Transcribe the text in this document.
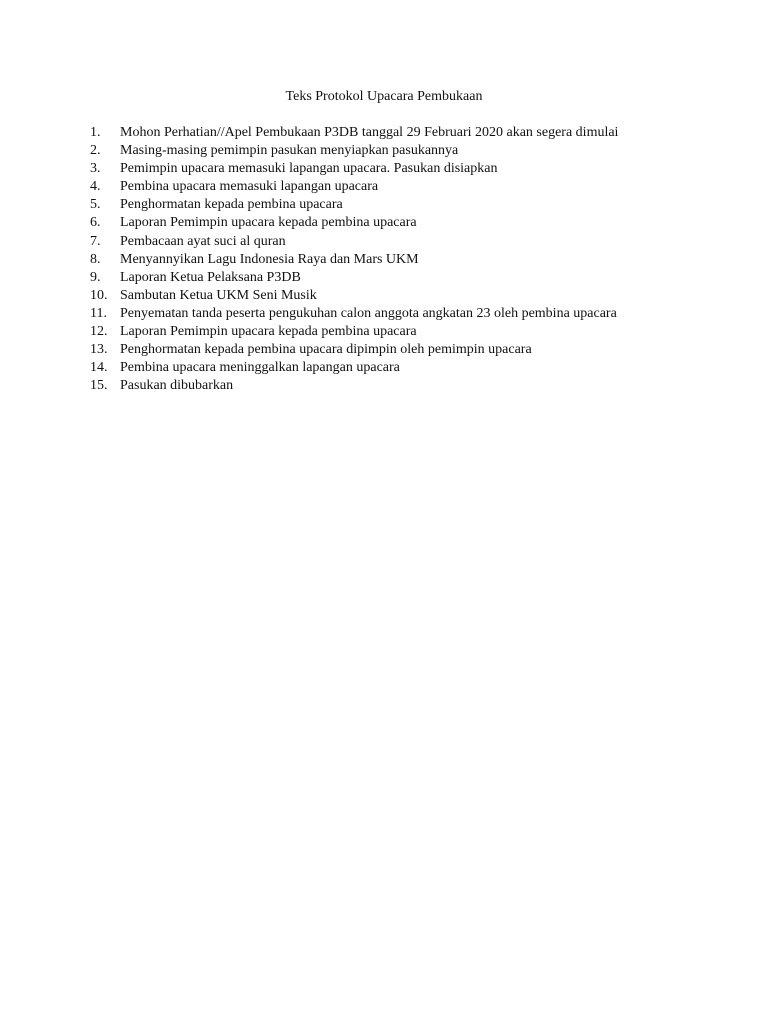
Teks Protokol Upacara Pembukaan
1.	Mohon Perhatian//Apel Pembukaan P3DB tanggal 29 Februari 2020 akan segera dimulai
2.	Masing-masing pemimpin pasukan menyiapkan pasukannya
3.	Pemimpin upacara memasuki lapangan upacara. Pasukan disiapkan
4.	Pembina upacara memasuki lapangan upacara
5.	Penghormatan kepada pembina upacara
6.	Laporan Pemimpin upacara kepada pembina upacara
7.	Pembacaan ayat suci al quran
8.	Menyannyikan Lagu Indonesia Raya dan Mars UKM
9.	Laporan Ketua Pelaksana P3DB
10. Sambutan Ketua UKM Seni Musik
11. Penyematan tanda peserta pengukuhan calon anggota angkatan 23 oleh pembina upacara
12. Laporan Pemimpin upacara kepada pembina upacara
13. Penghormatan kepada pembina upacara dipimpin oleh pemimpin upacara
14. Pembina upacara meninggalkan lapangan upacara
15. Pasukan dibubarkan
